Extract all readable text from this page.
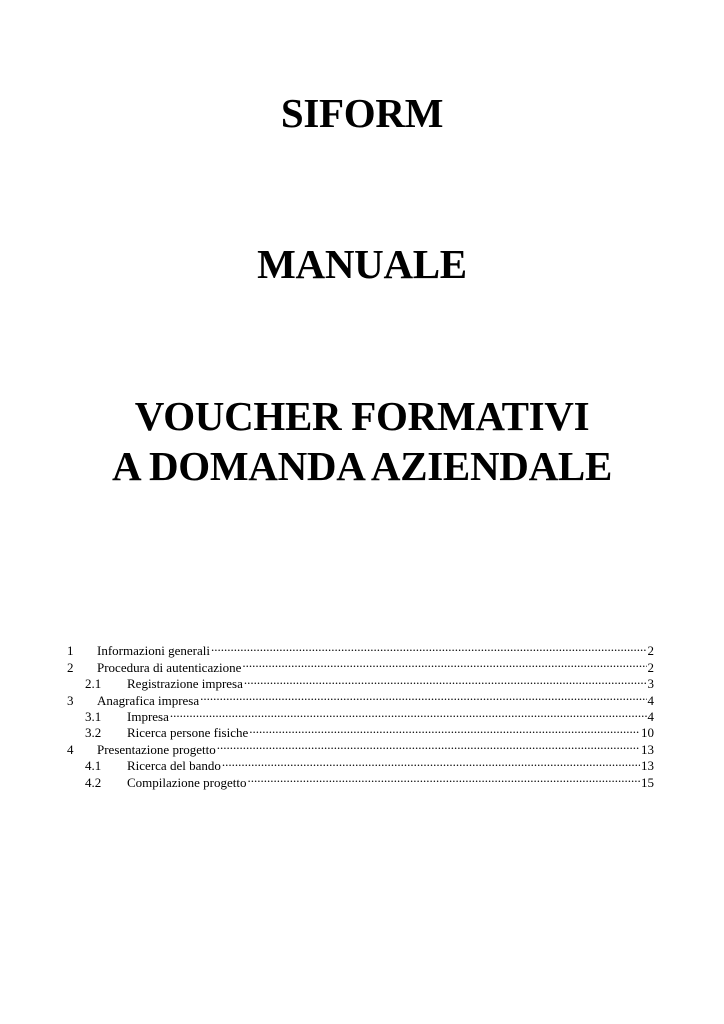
SIFORM
MANUALE
VOUCHER FORMATIVI
A DOMANDA AZIENDALE
1	Informazioni generali .....	2
2	Procedura di autenticazione .....	2
2.1	Registrazione impresa .....	3
3	Anagrafica impresa .....	4
3.1	Impresa .....	4
3.2	Ricerca persone fisiche .....	10
4	Presentazione progetto .....	13
4.1	Ricerca del bando .....	13
4.2	Compilazione progetto .....	15
